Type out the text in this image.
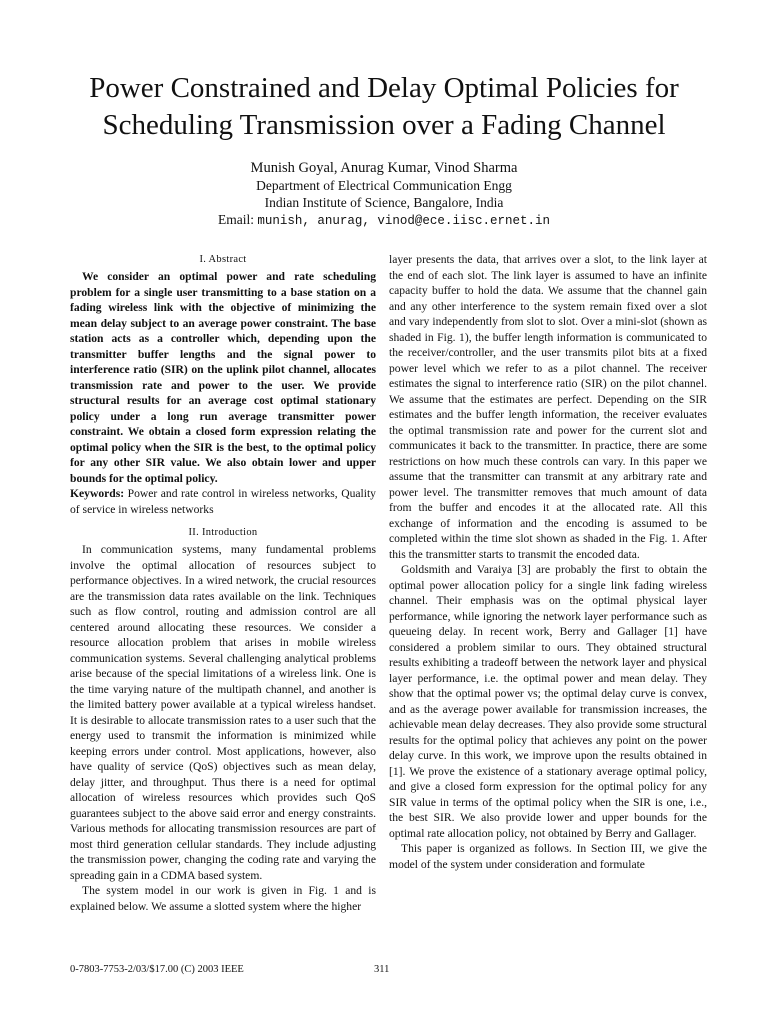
Power Constrained and Delay Optimal Policies for
Scheduling Transmission over a Fading Channel
Munish Goyal, Anurag Kumar, Vinod Sharma
Department of Electrical Communication Engg
Indian Institute of Science, Bangalore, India
Email: munish, anurag, vinod@ece.iisc.ernet.in
I. Abstract

We consider an optimal power and rate scheduling problem for a single user transmitting to a base station on a fading wireless link with the objective of minimizing the mean delay subject to an average power constraint. The base station acts as a controller which, depending upon the transmitter buffer lengths and the signal power to interference ratio (SIR) on the uplink pilot channel, allocates transmission rate and power to the user. We provide structural results for an average cost optimal stationary policy under a long run average transmitter power constraint. We obtain a closed form expression relating the optimal policy when the SIR is the best, to the optimal policy for any other SIR value. We also obtain lower and upper bounds for the optimal policy.

Keywords: Power and rate control in wireless networks, Quality of service in wireless networks

II. Introduction

In communication systems, many fundamental problems involve the optimal allocation of resources subject to performance objectives. In a wired network, the crucial resources are the transmission data rates available on the link. Techniques such as flow control, routing and admission control are all centered around allocating these resources. We consider a resource allocation problem that arises in mobile wireless communication systems. Several challenging analytical problems arise because of the special limitations of a wireless link. One is the time varying nature of the multipath channel, and another is the limited battery power available at a typical wireless handset. It is desirable to allocate transmission rates to a user such that the energy used to transmit the information is minimized while keeping errors under control. Most applications, however, also have quality of service (QoS) objectives such as mean delay, delay jitter, and throughput. Thus there is a need for optimal allocation of wireless resources which provides such QoS guarantees subject to the above said error and energy constraints. Various methods for allocating transmission resources are part of most third generation cellular standards. They include adjusting the transmission power, changing the coding rate and varying the spreading gain in a CDMA based system.

The system model in our work is given in Fig. 1 and is explained below. We assume a slotted system where the higher

layer presents the data, that arrives over a slot, to the link layer at the end of each slot. The link layer is assumed to have an infinite capacity buffer to hold the data. We assume that the channel gain and any other interference to the system remain fixed over a slot and vary independently from slot to slot. Over a mini-slot (shown as shaded in Fig. 1), the buffer length information is communicated to the receiver/controller, and the user transmits pilot bits at a fixed power level which we refer to as a pilot channel. The receiver estimates the signal to interference ratio (SIR) on the pilot channel. We assume that the estimates are perfect. Depending on the SIR estimates and the buffer length information, the receiver evaluates the optimal transmission rate and power for the current slot and communicates it back to the transmitter. In practice, there are some restrictions on how much these controls can vary. In this paper we assume that the transmitter can transmit at any arbitrary rate and power level. The transmitter removes that much amount of data from the buffer and encodes it at the allocated rate. All this exchange of information and the encoding is assumed to be completed within the time slot shown as shaded in the Fig. 1. After this the transmitter starts to transmit the encoded data.

Goldsmith and Varaiya [3] are probably the first to obtain the optimal power allocation policy for a single link fading wireless channel. Their emphasis was on the optimal physical layer performance, while ignoring the network layer performance such as queueing delay. In recent work, Berry and Gallager [1] have considered a problem similar to ours. They obtained structural results exhibiting a tradeoff between the network layer and physical layer performance, i.e. the optimal power and mean delay. They show that the optimal power vs; the optimal delay curve is convex, and as the average power available for transmission increases, the achievable mean delay decreases. They also provide some structural results for the optimal policy that achieves any point on the power delay curve. In this work, we improve upon the results obtained in [1]. We prove the existence of a stationary average optimal policy, and give a closed form expression for the optimal policy for any SIR value in terms of the optimal policy when the SIR is one, i.e., the best SIR. We also provide lower and upper bounds for the optimal rate allocation policy, not obtained by Berry and Gallager.

This paper is organized as follows. In Section III, we give the model of the system under consideration and formulate

0-7803-7753-2/03/$17.00 (C) 2003 IEEE	311
